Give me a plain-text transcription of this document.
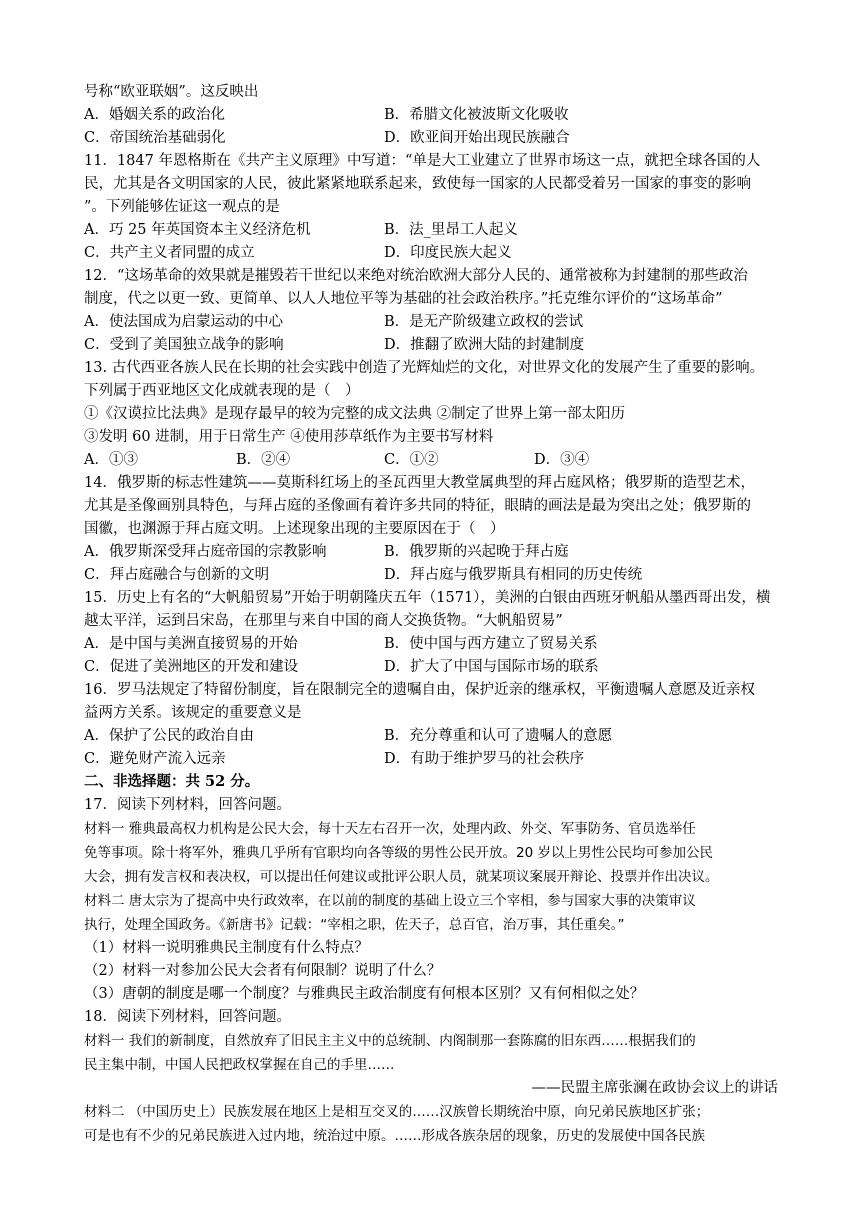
号称“欧亚联姻”。这反映出
A．婚姻关系的政治化	B．希腊文化被波斯文化吸收
C．帝国统治基础弱化	D．欧亚间开始出现民族融合
11．1847 年恩格斯在《共产主义原理》中写道：“单是大工业建立了世界市场这一点，就把全球各国的人
民，尤其是各文明国家的人民，彼此紧紧地联系起来，致使每一国家的人民都受着另一国家的事变的影响
”。下列能够佐证这一观点的是
A．巧 25 年英国资本主义经济危机	B．法_里昂工人起义
C．共产主义者同盟的成立	D．印度民族大起义
12．“这场革命的效果就是摧毁若干世纪以来绝对统治欧洲大部分人民的、通常被称为封建制的那些政治
制度，代之以更一致、更简单、以人人地位平等为基础的社会政治秩序。”托克维尔评价的“这场革命”
A．使法国成为启蒙运动的中心	B．是无产阶级建立政权的尝试
C．受到了美国独立战争的影响	D．推翻了欧洲大陆的封建制度
13. 古代西亚各族人民在长期的社会实践中创造了光辉灿烂的文化，对世界文化的发展产生了重要的影响。
下列属于西亚地区文化成就表现的是（　）
①《汉谟拉比法典》是现存最早的较为完整的成文法典 ②制定了世界上第一部太阳历
③发明 60 进制，用于日常生产 ④使用莎草纸作为主要书写材料
A．①③	B．②④	C．①②	D．③④
14．俄罗斯的标志性建筑——莫斯科红场上的圣瓦西里大教堂属典型的拜占庭风格；俄罗斯的造型艺术，
尤其是圣像画别具特色，与拜占庭的圣像画有着许多共同的特征，眼睛的画法是最为突出之处；俄罗斯的
国徽，也渊源于拜占庭文明。上述现象出现的主要原因在于（　）
A．俄罗斯深受拜占庭帝国的宗教影响	B．俄罗斯的兴起晚于拜占庭
C．拜占庭融合与创新的文明	D．拜占庭与俄罗斯具有相同的历史传统
15．历史上有名的“大帆船贸易”开始于明朝隆庆五年（1571），美洲的白银由西班牙帆船从墨西哥出发，横
越太平洋，运到吕宋岛，在那里与来自中国的商人交换货物。“大帆船贸易”
A．是中国与美洲直接贸易的开始	B．使中国与西方建立了贸易关系
C．促进了美洲地区的开发和建设	D．扩大了中国与国际市场的联系
16．罗马法规定了特留份制度，旨在限制完全的遗嘱自由，保护近亲的继承权，平衡遗嘱人意愿及近亲权
益两方关系。该规定的重要意义是
A．保护了公民的政治自由	B．充分尊重和认可了遗嘱人的意愿
C．避免财产流入远亲	D．有助于维护罗马的社会秩序
二、非选择题：共 52 分。
17．阅读下列材料，回答问题。
材料一 雅典最高权力机构是公民大会，每十天左右召开一次，处理内政、外交、军事防务、官员选举任
免等事项。除十将军外，雅典几乎所有官职均向各等级的男性公民开放。20 岁以上男性公民均可参加公民
大会，拥有发言权和表决权，可以提出任何建议或批评公职人员，就某项议案展开辩论、投票并作出决议。
材料二 唐太宗为了提高中央行政效率，在以前的制度的基础上设立三个宰相，参与国家大事的决策审议
执行，处理全国政务。《新唐书》记载：“宰相之职，佐天子，总百官，治万事，其任重矣。”
（1）材料一说明雅典民主制度有什么特点？
（2）材料一对参加公民大会者有何限制？说明了什么？
（3）唐朝的制度是哪一个制度？与雅典民主政治制度有何根本区别？又有何相似之处？
18．阅读下列材料，回答问题。
材料一 我们的新制度，自然放弃了旧民主主义中的总统制、内阁制那一套陈腐的旧东西……根据我们的
民主集中制，中国人民把政权掌握在自己的手里……
——民盟主席张澜在政协会议上的讲话
材料二 （中国历史上）民族发展在地区上是相互交叉的……汉族曾长期统治中原，向兄弟民族地区扩张；
可是也有不少的兄弟民族进入过内地，统治过中原。……形成各族杂居的现象，历史的发展使中国各民族
